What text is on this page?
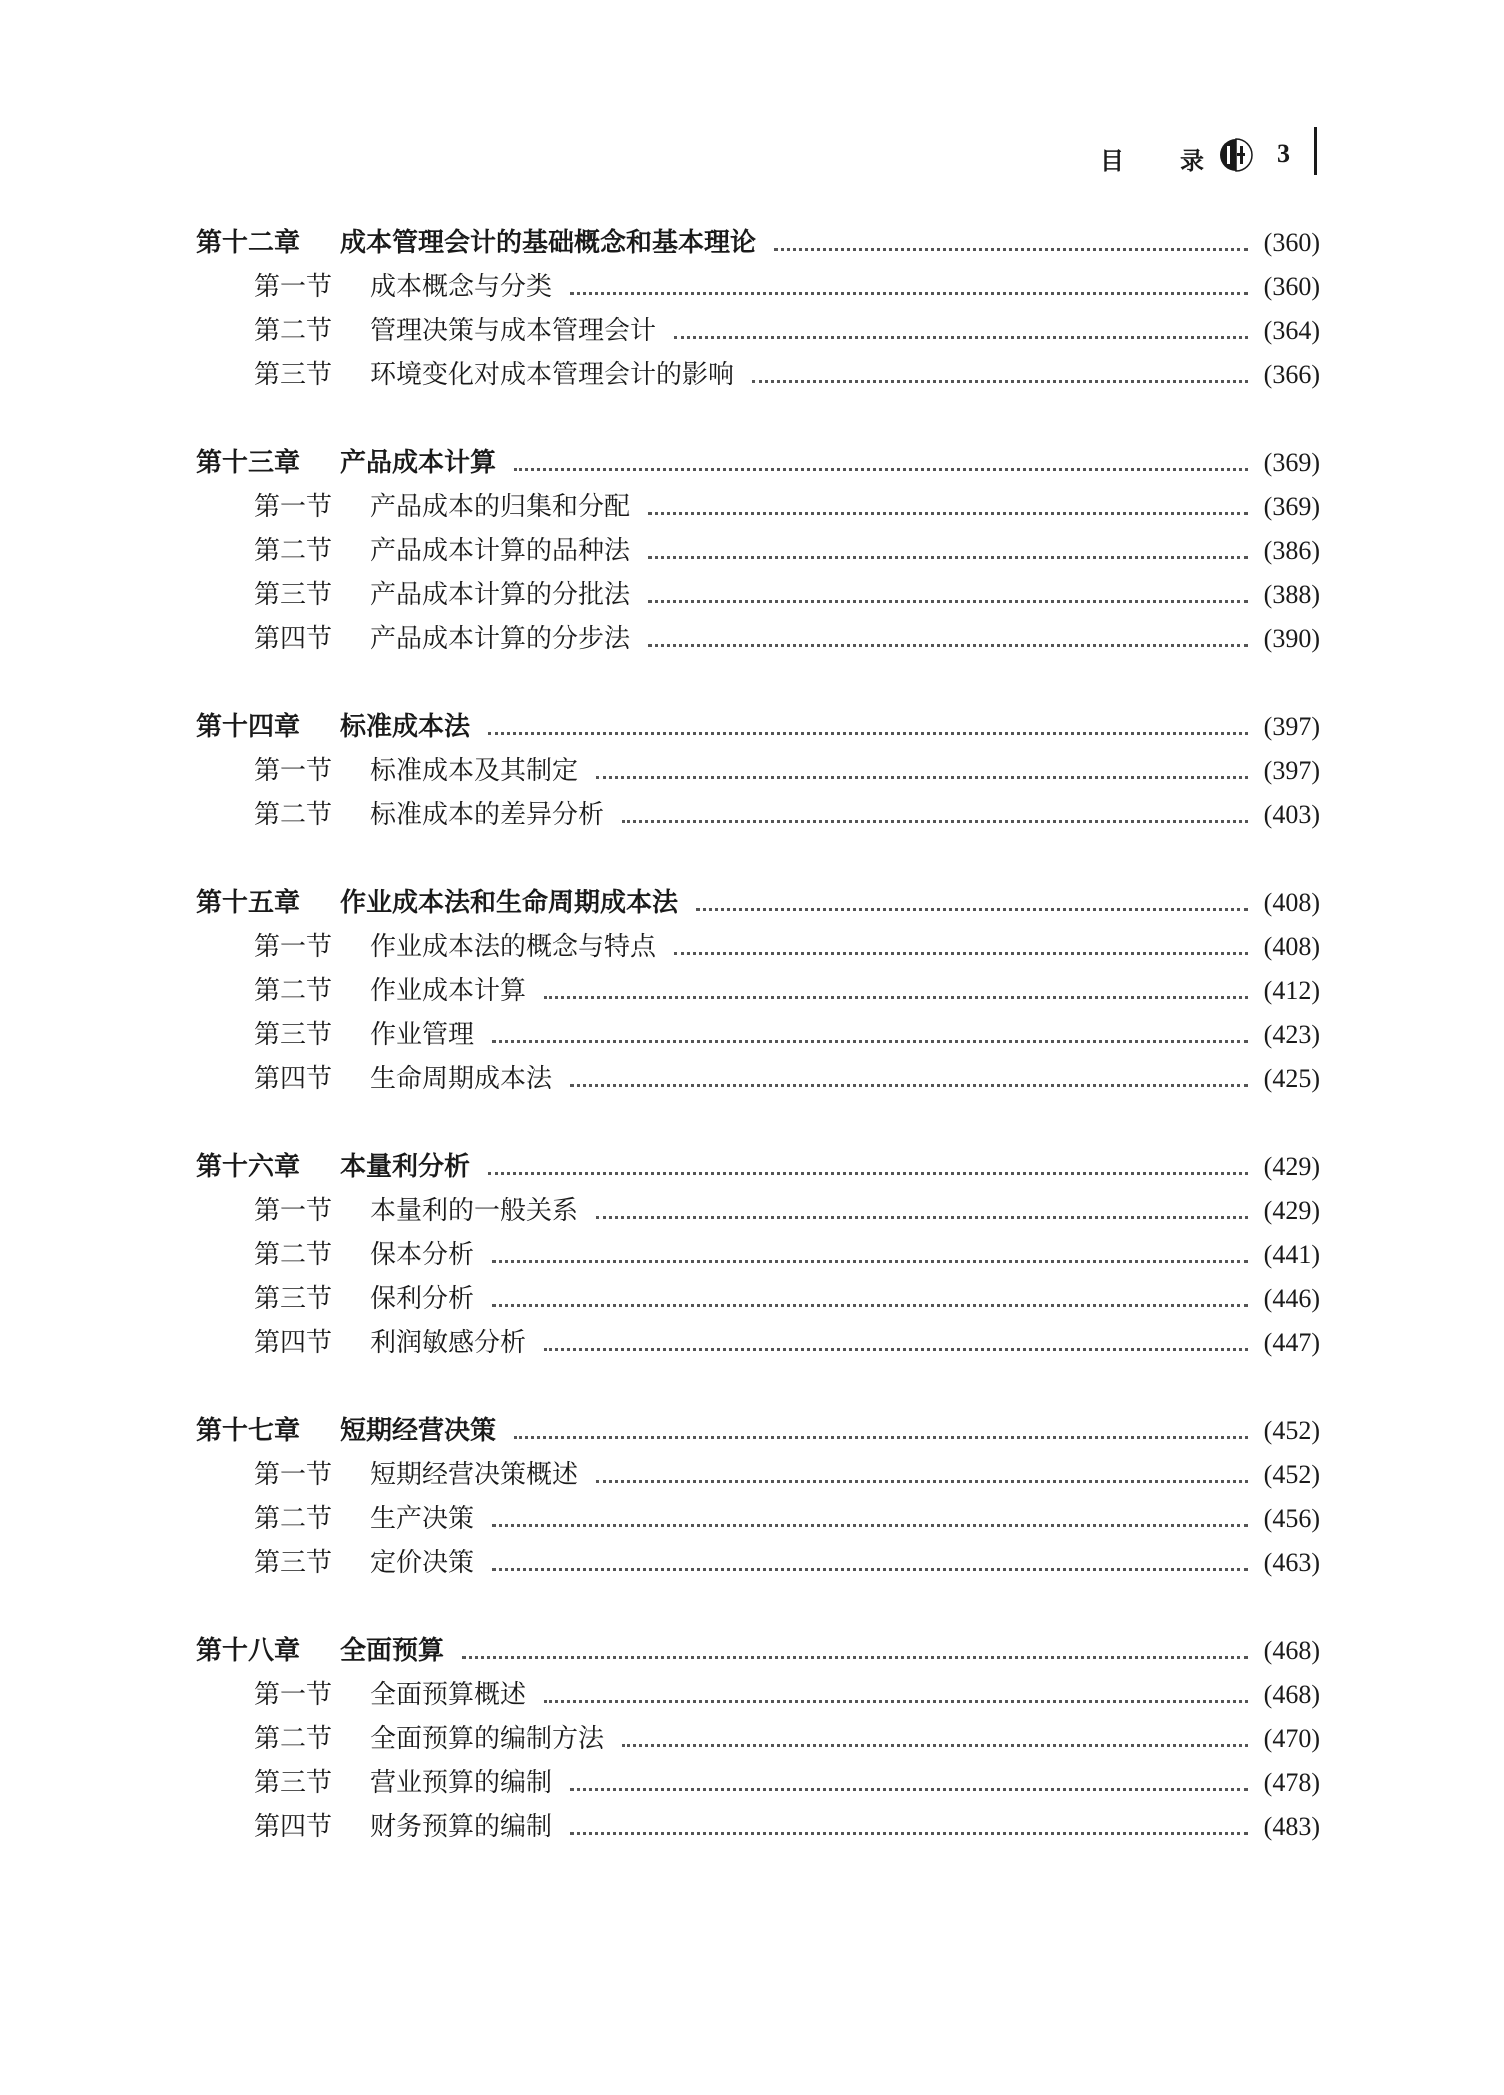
目 录	3
第十二章	成本管理会计的基础概念和基本理论	(360)
第一节	成本概念与分类	(360)
第二节	管理决策与成本管理会计	(364)
第三节	环境变化对成本管理会计的影响	(366)
第十三章	产品成本计算	(369)
第一节	产品成本的归集和分配	(369)
第二节	产品成本计算的品种法	(386)
第三节	产品成本计算的分批法	(388)
第四节	产品成本计算的分步法	(390)
第十四章	标准成本法	(397)
第一节	标准成本及其制定	(397)
第二节	标准成本的差异分析	(403)
第十五章	作业成本法和生命周期成本法	(408)
第一节	作业成本法的概念与特点	(408)
第二节	作业成本计算	(412)
第三节	作业管理	(423)
第四节	生命周期成本法	(425)
第十六章	本量利分析	(429)
第一节	本量利的一般关系	(429)
第二节	保本分析	(441)
第三节	保利分析	(446)
第四节	利润敏感分析	(447)
第十七章	短期经营决策	(452)
第一节	短期经营决策概述	(452)
第二节	生产决策	(456)
第三节	定价决策	(463)
第十八章	全面预算	(468)
第一节	全面预算概述	(468)
第二节	全面预算的编制方法	(470)
第三节	营业预算的编制	(478)
第四节	财务预算的编制	(483)
